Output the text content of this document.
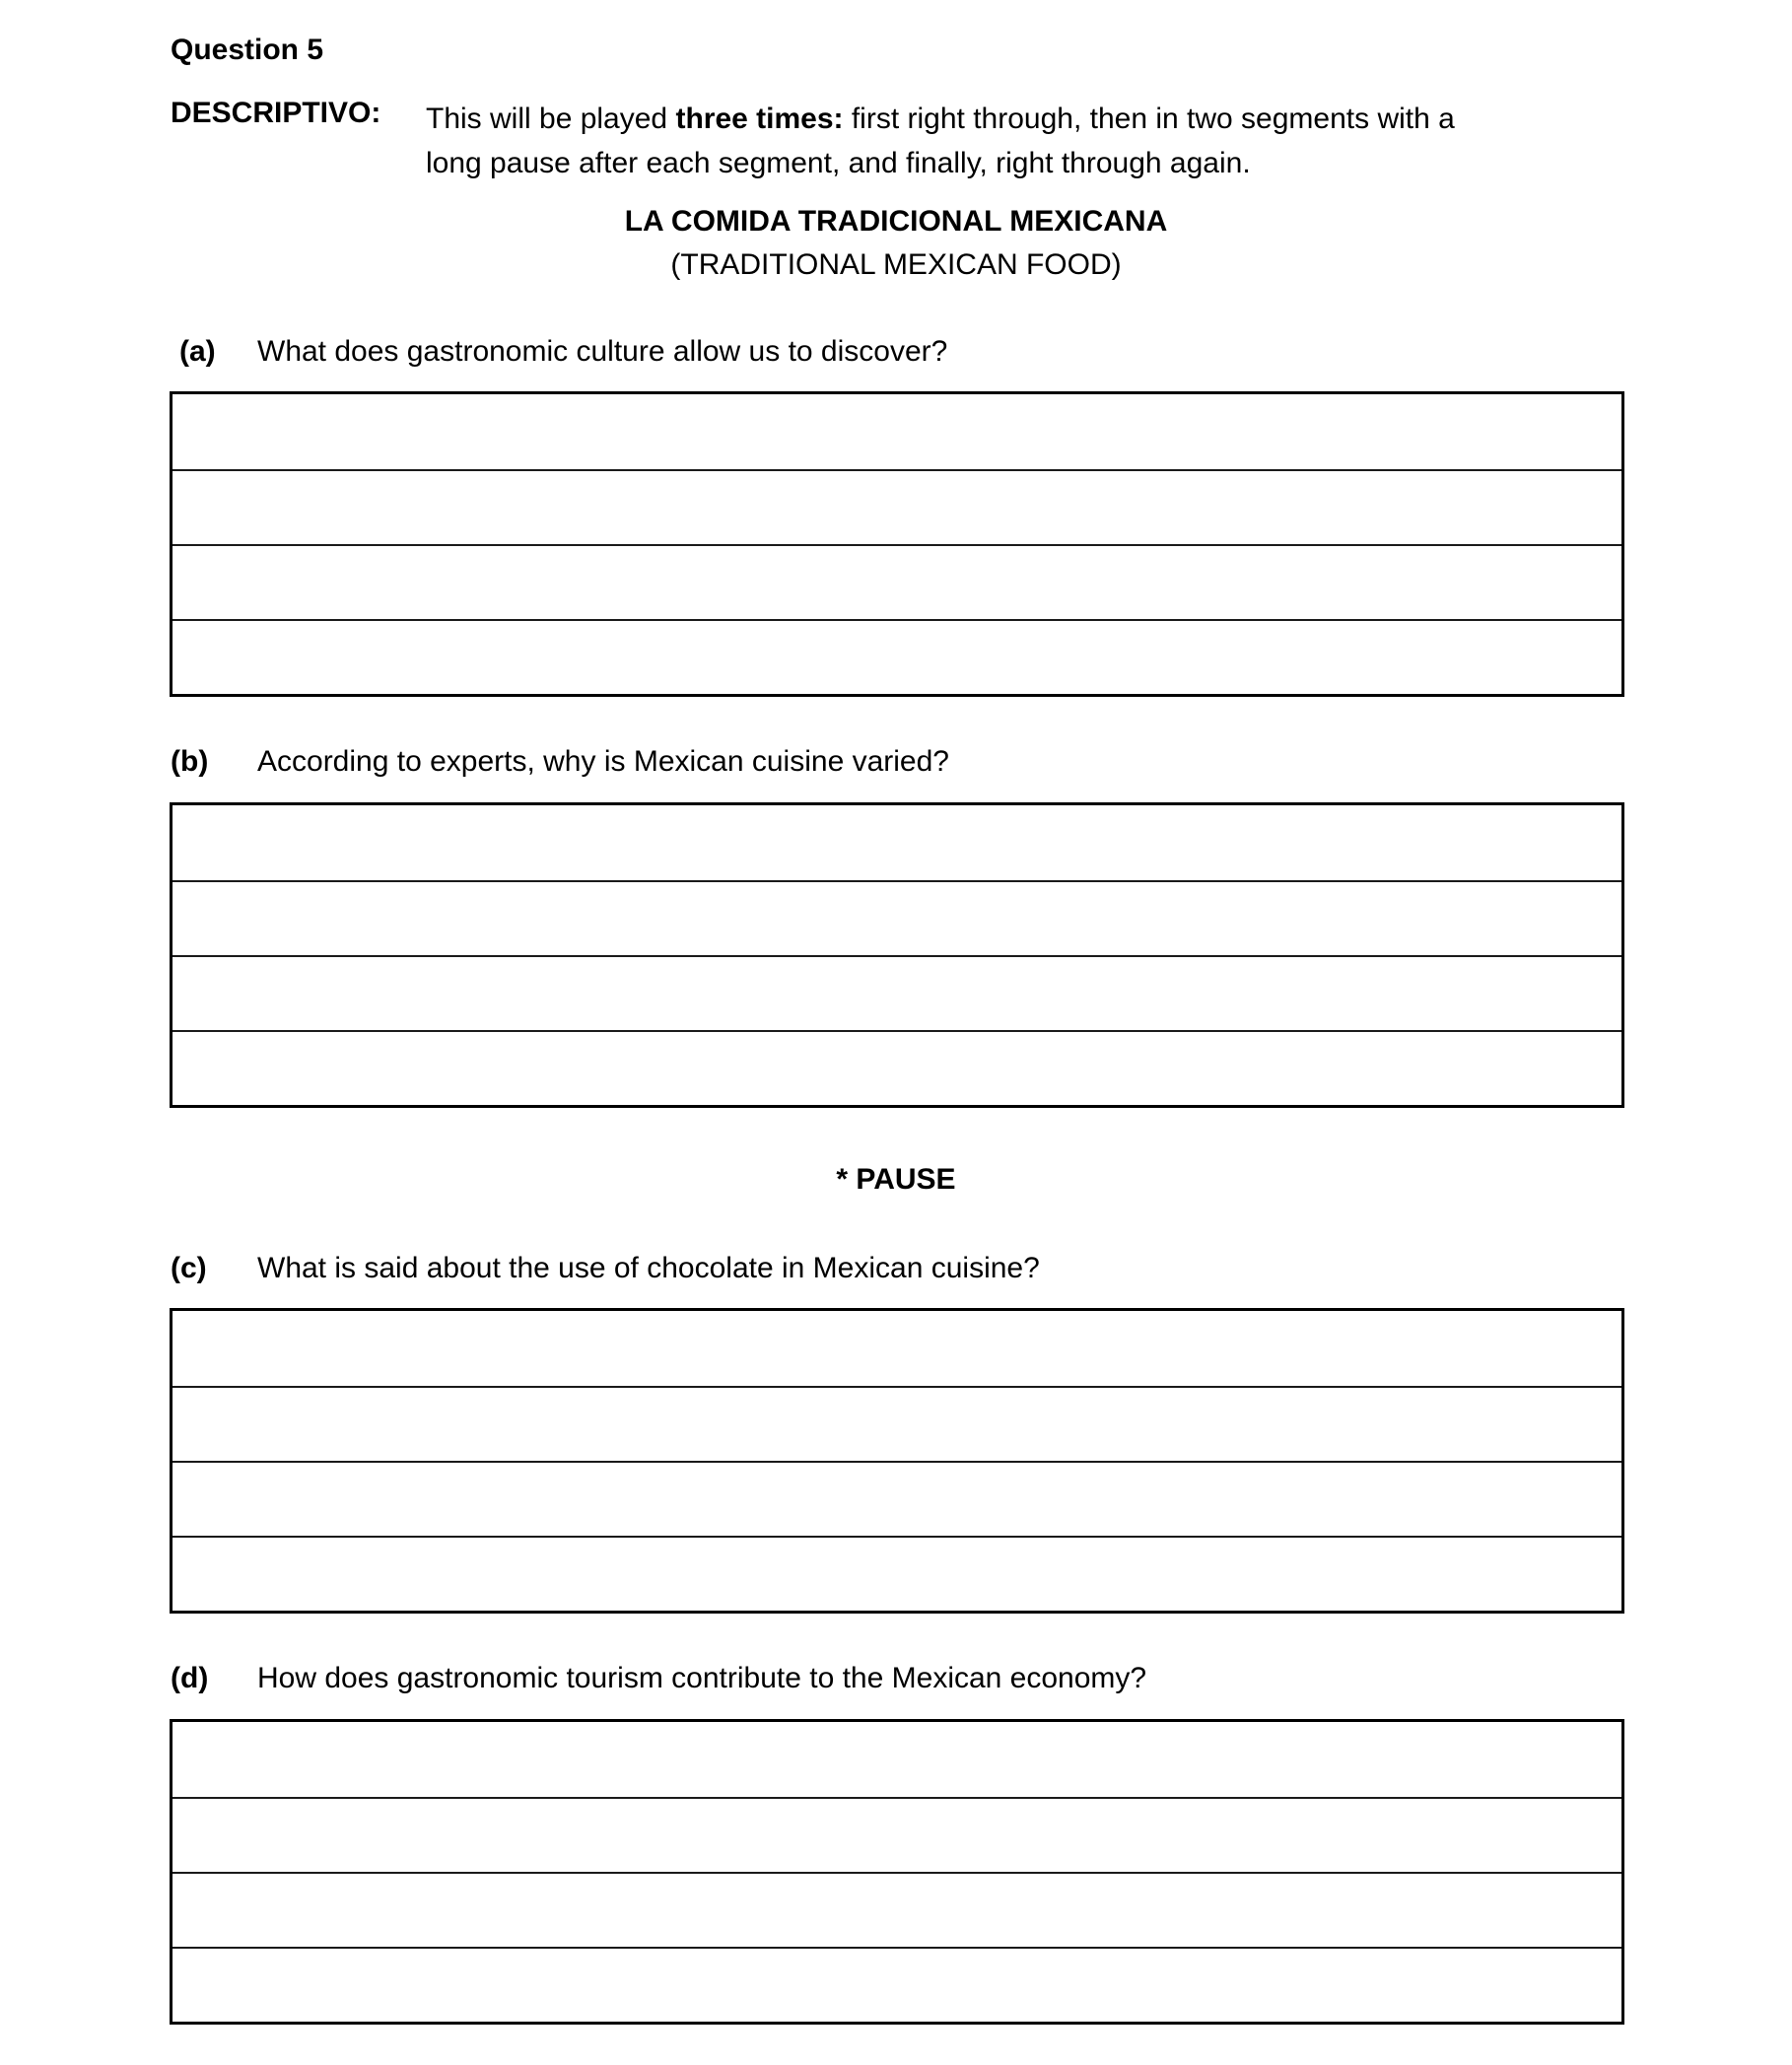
Question 5
DESCRIPTIVO: This will be played three times: first right through, then in two segments with a
long pause after each segment, and finally, right through again.
LA COMIDA TRADICIONAL MEXICANA
(TRADITIONAL MEXICAN FOOD)
(a) What does gastronomic culture allow us to discover?
(b) According to experts, why is Mexican cuisine varied?
* PAUSE
(c) What is said about the use of chocolate in Mexican cuisine?
(d) How does gastronomic tourism contribute to the Mexican economy?
